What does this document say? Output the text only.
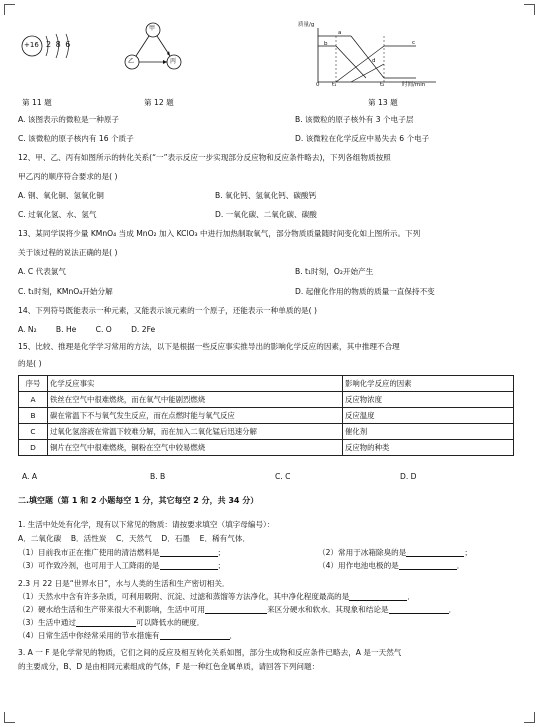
+16 2 8 6
甲
乙	丙
质量/g
a
b	c
d
0 t₁	t₂	时间/min
第 11 题	第 12 题	第 13 题
A. 该图表示的微粒是一种原子	B. 该微粒的原子核外有 3 个电子层
C. 该微粒的原子核内有 16 个质子	D. 该微粒在化学反应中易失去 6 个电子
12、甲、乙、丙有如图所示的转化关系(“一”表示反应一步实现部分反应物和反应条件略去)，下列各组物质按照
甲乙丙的顺序符合要求的是( )
A. 钢、氧化铜、氢氧化铜	B. 氧化钙、氢氧化钙、碳酸钙
C. 过氧化氢、水、氢气	D. 一氧化碳、二氧化碳、碳酸
13、某同学误将少量 KMnO₄ 当成 MnO₂ 加入 KClO₃ 中进行加热制取氧气，部分物质质量随时间变化如上图所示。下列
关于该过程的说法正确的是( )
A. C 代表氯气	B. t₁时刻，O₂开始产生
C. t₁时刻，KMnO₄开始分解	D. 起催化作用的物质的质量一直保持不变
14、下列符号既能表示一种元素，又能表示该元素的一个原子，还能表示一种单质的是( )
A. N₂        B. He        C. O        D. 2Fe
15、比较、推理是化学学习常用的方法，以下是根据一些反应事实推导出的影响化学反应的因素，其中推理不合理
的是( )
序号	化学反应事实	影响化学反应的因素
A	铁丝在空气中很难燃烧，而在氧气中能剧烈燃烧	反应物浓度
B	碳在常温下不与氧气发生反应，而在点燃时能与氧气反应	反应温度
C	过氧化氢溶液在常温下较难分解，而在加入二氧化锰后迅速分解	催化剂
D	铜片在空气中很难燃烧，铜粉在空气中较易燃烧	反应物的种类
A. A	B. B	C. C	D. D
二.填空题（第 1 和 2 小题每空 1 分，其它每空 2 分，共 34 分）
1. 生活中处处有化学，现有以下常见的物质：请按要求填空（填字母编号）：
A．二氧化碳    B．活性炭    C．天然气    D．石墨    E．稀有气体．
（1）目前我市正在推广使用的清洁燃料是	；	（2）常用于冰箱除臭的是	；
（3）可作致冷剂，也可用于人工降雨的是	；	（4）用作电池电极的是	．
2.3 月 22 日是“世界水日”，水与人类的生活和生产密切相关．
（1）天然水中含有许多杂质，可利用吸附、沉淀、过滤和蒸馏等方法净化，其中净化程度最高的是	．
（2）硬水给生活和生产带来很大不利影响，生活中可用	来区分硬水和软水．其现象和结论是	．
（3）生活中通过	可以降低水的硬度．
（4）日常生活中你经常采用的节水措施有	．
3. A 一 F 是化学常见的物质，它们之间的反应及相互转化关系如图，部分生成物和反应条件已略去，A 是一天然气
的主要成分，B、D 是由相同元素组成的气体，F 是一种红色金属单质，请回答下列问题：
